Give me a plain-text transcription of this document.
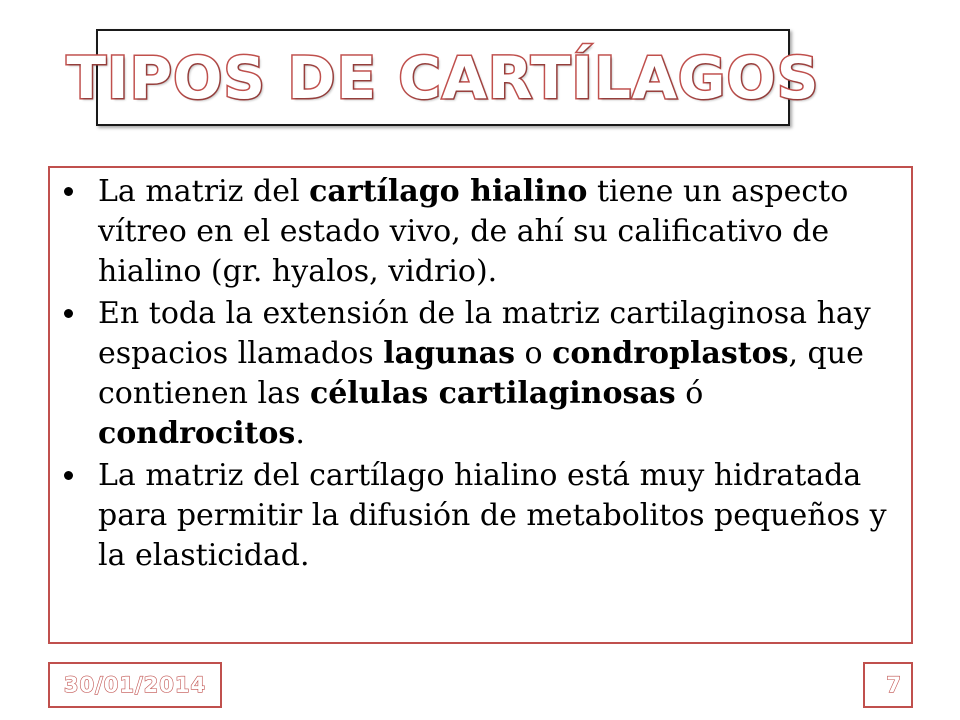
TIPOS DE CARTÍLAGOS
La matriz del cartílago hialino tiene un aspecto vítreo en el estado vivo, de ahí su calificativo de hialino (gr. hyalos, vidrio).
En toda la extensión de la matriz cartilaginosa hay espacios llamados lagunas o condroplastos, que contienen las células cartilaginosas ó condrocitos.
La matriz del cartílago hialino está muy hidratada para permitir la difusión de metabolitos pequeños y la elasticidad.
30/01/2014	7
